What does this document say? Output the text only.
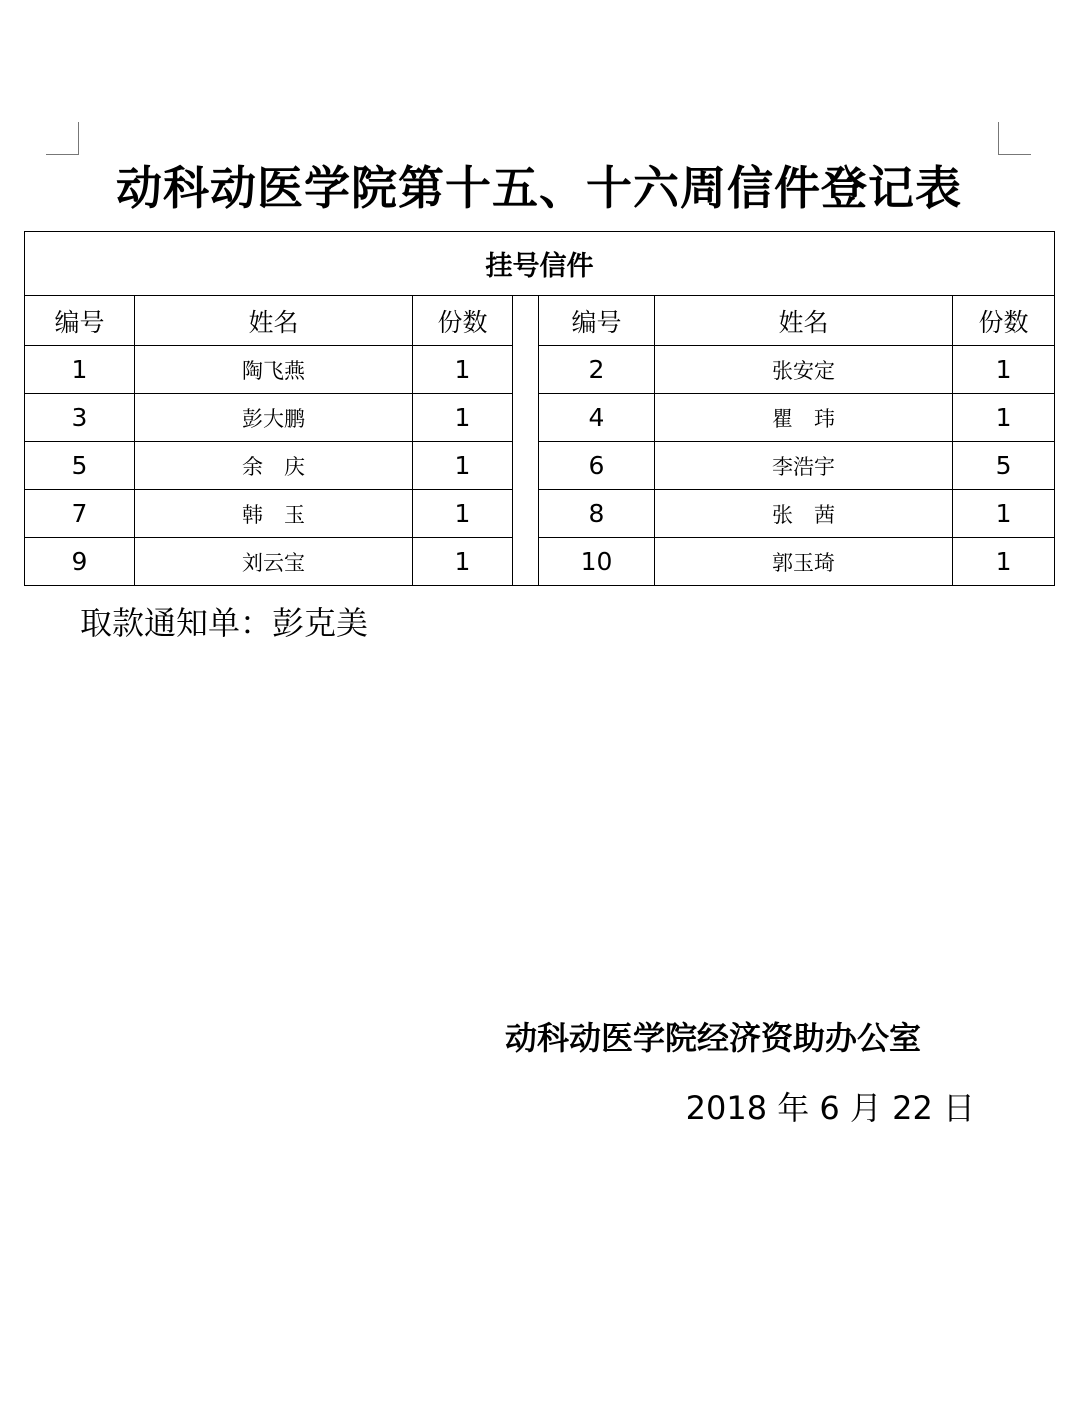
动科动医学院第十五、十六周信件登记表
挂号信件						
编号	姓名	份数		编号	姓名	份数
1	陶飞燕	1		2	张安定	1
3	彭大鹏	1		4	瞿　玮	1
5	余　庆	1		6	李浩宇	5
7	韩　玉	1		8	张　茜	1
9	刘云宝	1		10	郭玉琦	1
取款通知单：彭克美
动科动医学院经济资助办公室
2018 年 6 月 22 日
